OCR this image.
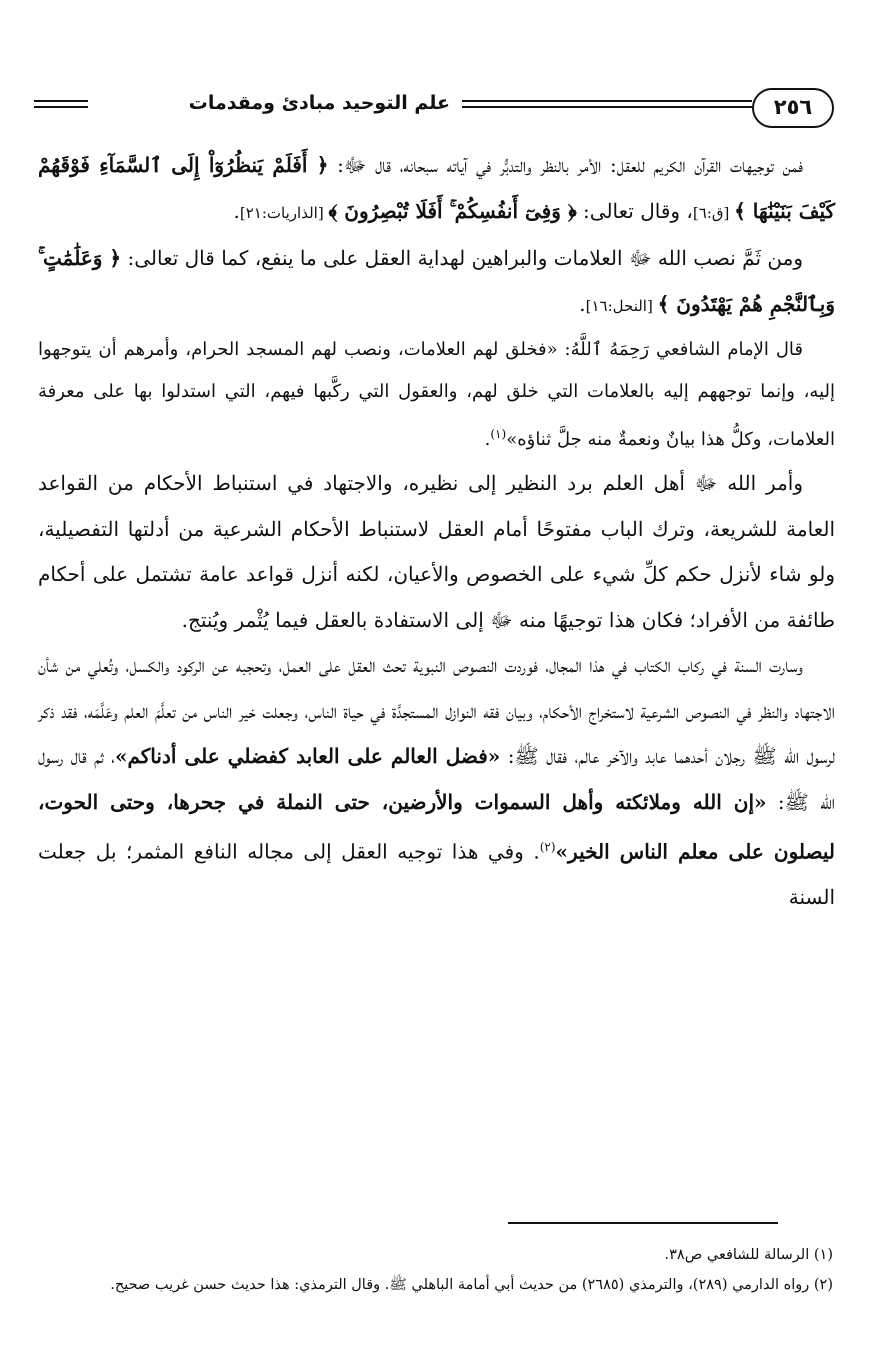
٢٥٦
علم التوحيد مبادئ ومقدمات

فمن توجيهات القرآن الكريم للعقل: الأمر بالنظر والتدبُّر في آياته سبحانه، قال ﷻ: ﴿ أَفَلَمْ يَنظُرُوٓاْ إِلَى ٱلسَّمَآءِ فَوْقَهُمْ كَيْفَ بَنَيْنَٰهَا ﴾ [ق:٦]، وقال تعالى: ﴿ وَفِىٓ أَنفُسِكُمْ ۚ أَفَلَا تُبْصِرُونَ ﴾ [الذاريات:٢١].

ومن ثَمَّ نصب الله ﷻ العلامات والبراهين لهداية العقل على ما ينفع، كما قال تعالى: ﴿ وَعَلَٰمَٰتٍ ۚ وَبِٱلنَّجْمِ هُمْ يَهْتَدُونَ ﴾ [النحل:١٦].

قال الإمام الشافعي رَحِمَهُ ٱللَّهُ: «فخلق لهم العلامات، ونصب لهم المسجد الحرام، وأمرهم أن يتوجهوا إليه، وإنما توجههم إليه بالعلامات التي خلق لهم، والعقول التي ركَّبها فيهم، التي استدلوا بها على معرفة العلامات، وكلُّ هذا بيانٌ ونعمةٌ منه جلَّ ثناؤه»$^{(١)}$.

وأمر الله ﷻ أهل العلم برد النظير إلى نظيره، والاجتهاد في استنباط الأحكام من القواعد العامة للشريعة، وترك الباب مفتوحًا أمام العقل لاستنباط الأحكام الشرعية من أدلتها التفصيلية، ولو شاء لأنزل حكم كلِّ شيء على الخصوص والأعيان، لكنه أنزل قواعد عامة تشتمل على أحكام طائفة من الأفراد؛ فكان هذا توجيهًا منه ﷻ إلى الاستفادة بالعقل فيما يُثْمر ويُنتج.

وسارت السنة في ركاب الكتاب في هذا المجال، فوردت النصوص النبوية تحث العقل على العمل، وتحجبه عن الركود والكسل، وتُعلي من شأن الاجتهاد والنظر في النصوص الشرعية لاستخراج الأحكام، وبيان فقه النوازل المستجدَّة في حياة الناس، وجعلت خير الناس من تعلَّمَ العلم وعَلَّمَه، فقد ذكر لرسول الله ﷺ رجلان أحدهما عابد والآخر عالم، فقال ﷺ: «فضل العالم على العابد كفضلي على أدناكم»، ثم قال رسول الله ﷺ: «إن الله وملائكته وأهل السموات والأرضين، حتى النملة في جحرها، وحتى الحوت، ليصلون على معلم الناس الخير»$^{(٢)}$. وفي هذا توجيه العقل إلى مجاله النافع المثمر؛ بل جعلت السنة

(١) الرسالة للشافعي ص٣٨.

(٢) رواه الدارمي (٢٨٩)، والترمذي (٢٦٨٥) من حديث أبي أمامة الباهلي ﷺ. وقال الترمذي: هذا حديث حسن غريب صحيح.
